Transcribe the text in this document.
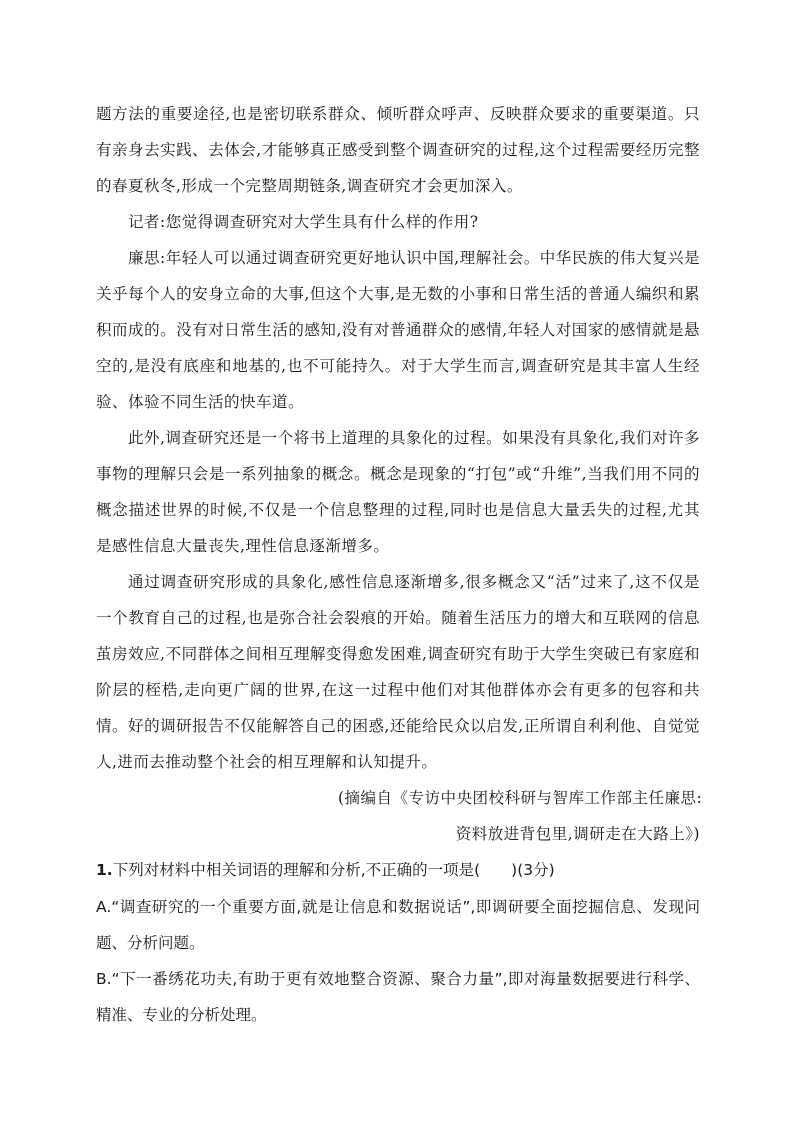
题方法的重要途径,也是密切联系群众、倾听群众呼声、反映群众要求的重要渠道。只
有亲身去实践、去体会,才能够真正感受到整个调查研究的过程,这个过程需要经历完整
的春夏秋冬,形成一个完整周期链条,调查研究才会更加深入。
记者:您觉得调查研究对大学生具有什么样的作用?
廉思:年轻人可以通过调查研究更好地认识中国,理解社会。中华民族的伟大复兴是
关乎每个人的安身立命的大事,但这个大事,是无数的小事和日常生活的普通人编织和累
积而成的。没有对日常生活的感知,没有对普通群众的感情,年轻人对国家的感情就是悬
空的,是没有底座和地基的,也不可能持久。对于大学生而言,调查研究是其丰富人生经
验、体验不同生活的快车道。
此外,调查研究还是一个将书上道理的具象化的过程。如果没有具象化,我们对许多
事物的理解只会是一系列抽象的概念。概念是现象的“打包”或“升维”,当我们用不同的
概念描述世界的时候,不仅是一个信息整理的过程,同时也是信息大量丢失的过程,尤其
是感性信息大量丧失,理性信息逐渐增多。
通过调查研究形成的具象化,感性信息逐渐增多,很多概念又“活”过来了,这不仅是
一个教育自己的过程,也是弥合社会裂痕的开始。随着生活压力的增大和互联网的信息
茧房效应,不同群体之间相互理解变得愈发困难,调查研究有助于大学生突破已有家庭和
阶层的桎梏,走向更广阔的世界,在这一过程中他们对其他群体亦会有更多的包容和共
情。好的调研报告不仅能解答自己的困惑,还能给民众以启发,正所谓自利利他、自觉觉
人,进而去推动整个社会的相互理解和认知提升。
(摘编自《专访中央团校科研与智库工作部主任廉思:
资料放进背包里,调研走在大路上》)
1.下列对材料中相关词语的理解和分析,不正确的一项是(　　)(3分)
A.“调查研究的一个重要方面,就是让信息和数据说话”,即调研要全面挖掘信息、发现问
题、分析问题。
B.“下一番绣花功夫,有助于更有效地整合资源、聚合力量”,即对海量数据要进行科学、
精准、专业的分析处理。
